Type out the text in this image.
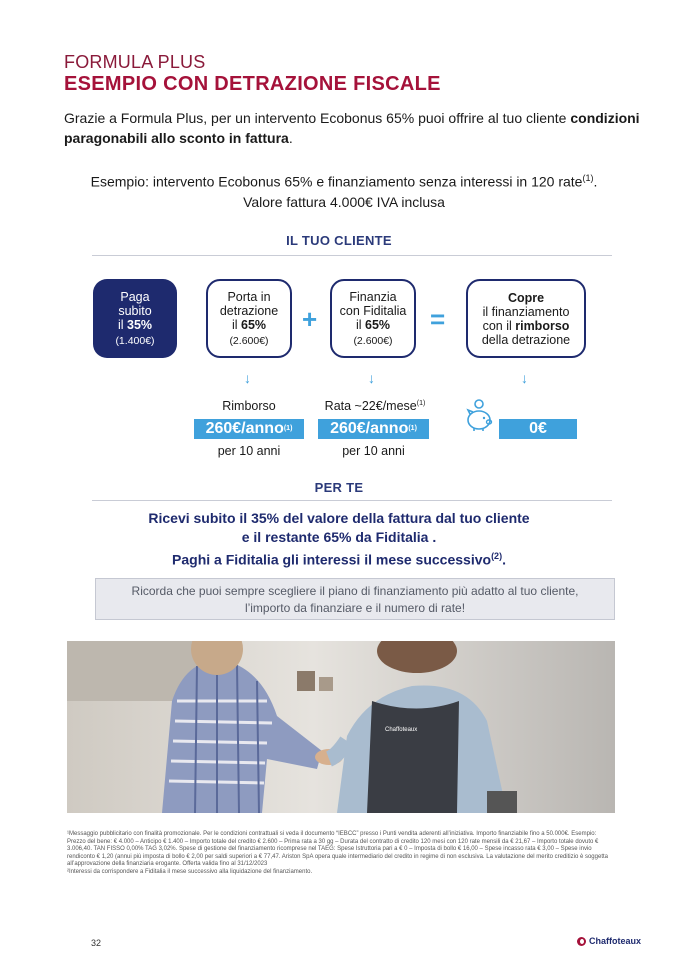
FORMULA PLUS
ESEMPIO CON DETRAZIONE FISCALE
Grazie a Formula Plus, per un intervento Ecobonus 65% puoi offrire al tuo cliente condizioni paragonabili allo sconto in fattura.
Esempio: intervento Ecobonus 65% e finanziamento senza interessi in 120 rate$^{(1)}$.
Valore fattura 4.000€ IVA inclusa
IL TUO CLIENTE
Paga
subito
il 35%
(1.400€)
Porta in
detrazione
il 65%
(2.600€)
+
Finanzia
con Fiditalia
il 65%
(2.600€)
=
Copre
il finanziamento
con il rimborso
della detrazione
↓	↓	↓
Rimborso
260€/anno$^{(1)}$
per 10 anni
Rata ~22€/mese$^{(1)}$
260€/anno$^{(1)}$
per 10 anni
0€
PER TE
Ricevi subito il 35% del valore della fattura dal tuo cliente
e il restante 65% da Fiditalia .
Paghi a Fiditalia gli interessi il mese successivo$^{(2)}$.
Ricorda che puoi sempre scegliere il piano di finanziamento più adatto al tuo cliente,
l’importo da finanziare e il numero di rate!
Chaffoteaux
¹Messaggio pubblicitario con finalità promozionale. Per le condizioni contrattuali si veda il documento “IEBCC” presso i Punti vendita aderenti all’iniziativa. Importo finanziabile fino a 50.000€. Esempio: Prezzo del bene: € 4.000 – Anticipo € 1.400 – Importo totale del credito € 2.600 – Prima rata a 30 gg – Durata del contratto di credito 120 mesi con 120 rate mensili da € 21,67 – Importo totale dovuto € 3.006,40. TAN FISSO 0,00% TAG 3,02%. Spese di gestione del finanziamento ricomprese nel TAEG: Spese Istruttoria pari a € 0 – Imposta di bollo € 16,00 – Spese incasso rata € 3,00 – Spese invio rendiconto € 1,20 (annui più imposta di bollo € 2,00 per saldi superiori a € 77,47. Ariston SpA opera quale intermediario del credito in regime di non esclusiva. La valutazione del merito creditizio è soggetta all’approvazione della finanziaria erogante. Offerta valida fino al 31/12/2023
²Interessi da corrispondere a Fiditalia il mese successivo alla liquidazione del finanziamento.
32	Chaffoteaux
